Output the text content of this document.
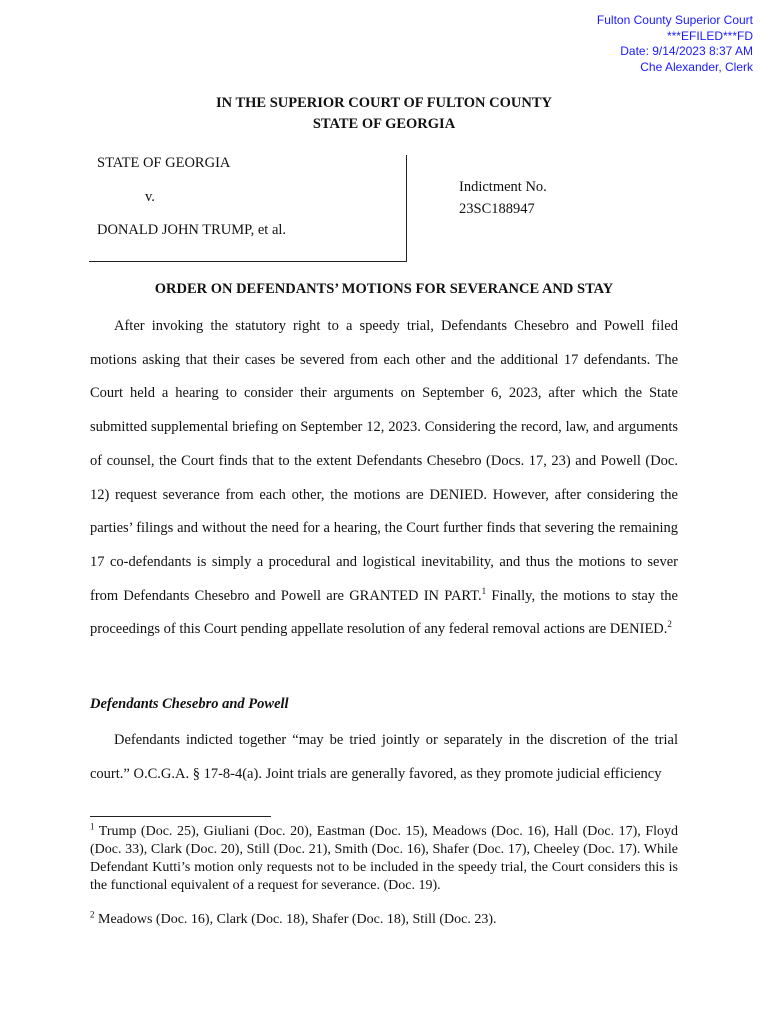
Fulton County Superior Court
***EFILED***FD
Date: 9/14/2023 8:37 AM
Che Alexander, Clerk
IN THE SUPERIOR COURT OF FULTON COUNTY
STATE OF GEORGIA
STATE OF GEORGIA
v.
DONALD JOHN TRUMP, et al.
Indictment No.
23SC188947
ORDER ON DEFENDANTS’ MOTIONS FOR SEVERANCE AND STAY

After invoking the statutory right to a speedy trial, Defendants Chesebro and Powell filed motions asking that their cases be severed from each other and the additional 17 defendants. The Court held a hearing to consider their arguments on September 6, 2023, after which the State submitted supplemental briefing on September 12, 2023. Considering the record, law, and arguments of counsel, the Court finds that to the extent Defendants Chesebro (Docs. 17, 23) and Powell (Doc. 12) request severance from each other, the motions are DENIED. However, after considering the parties’ filings and without the need for a hearing, the Court further finds that severing the remaining 17 co-defendants is simply a procedural and logistical inevitability, and thus the motions to sever from Defendants Chesebro and Powell are GRANTED IN PART.$^1$ Finally, the motions to stay the proceedings of this Court pending appellate resolution of any federal removal actions are DENIED.$^2$

Defendants Chesebro and Powell

Defendants indicted together “may be tried jointly or separately in the discretion of the trial court.” O.C.G.A. § 17-8-4(a). Joint trials are generally favored, as they promote judicial efficiency

$^1$ Trump (Doc. 25), Giuliani (Doc. 20), Eastman (Doc. 15), Meadows (Doc. 16), Hall (Doc. 17), Floyd (Doc. 33), Clark (Doc. 20), Still (Doc. 21), Smith (Doc. 16), Shafer (Doc. 17), Cheeley (Doc. 17). While Defendant Kutti’s motion only requests not to be included in the speedy trial, the Court considers this is the functional equivalent of a request for severance. (Doc. 19).

$^2$ Meadows (Doc. 16), Clark (Doc. 18), Shafer (Doc. 18), Still (Doc. 23).
